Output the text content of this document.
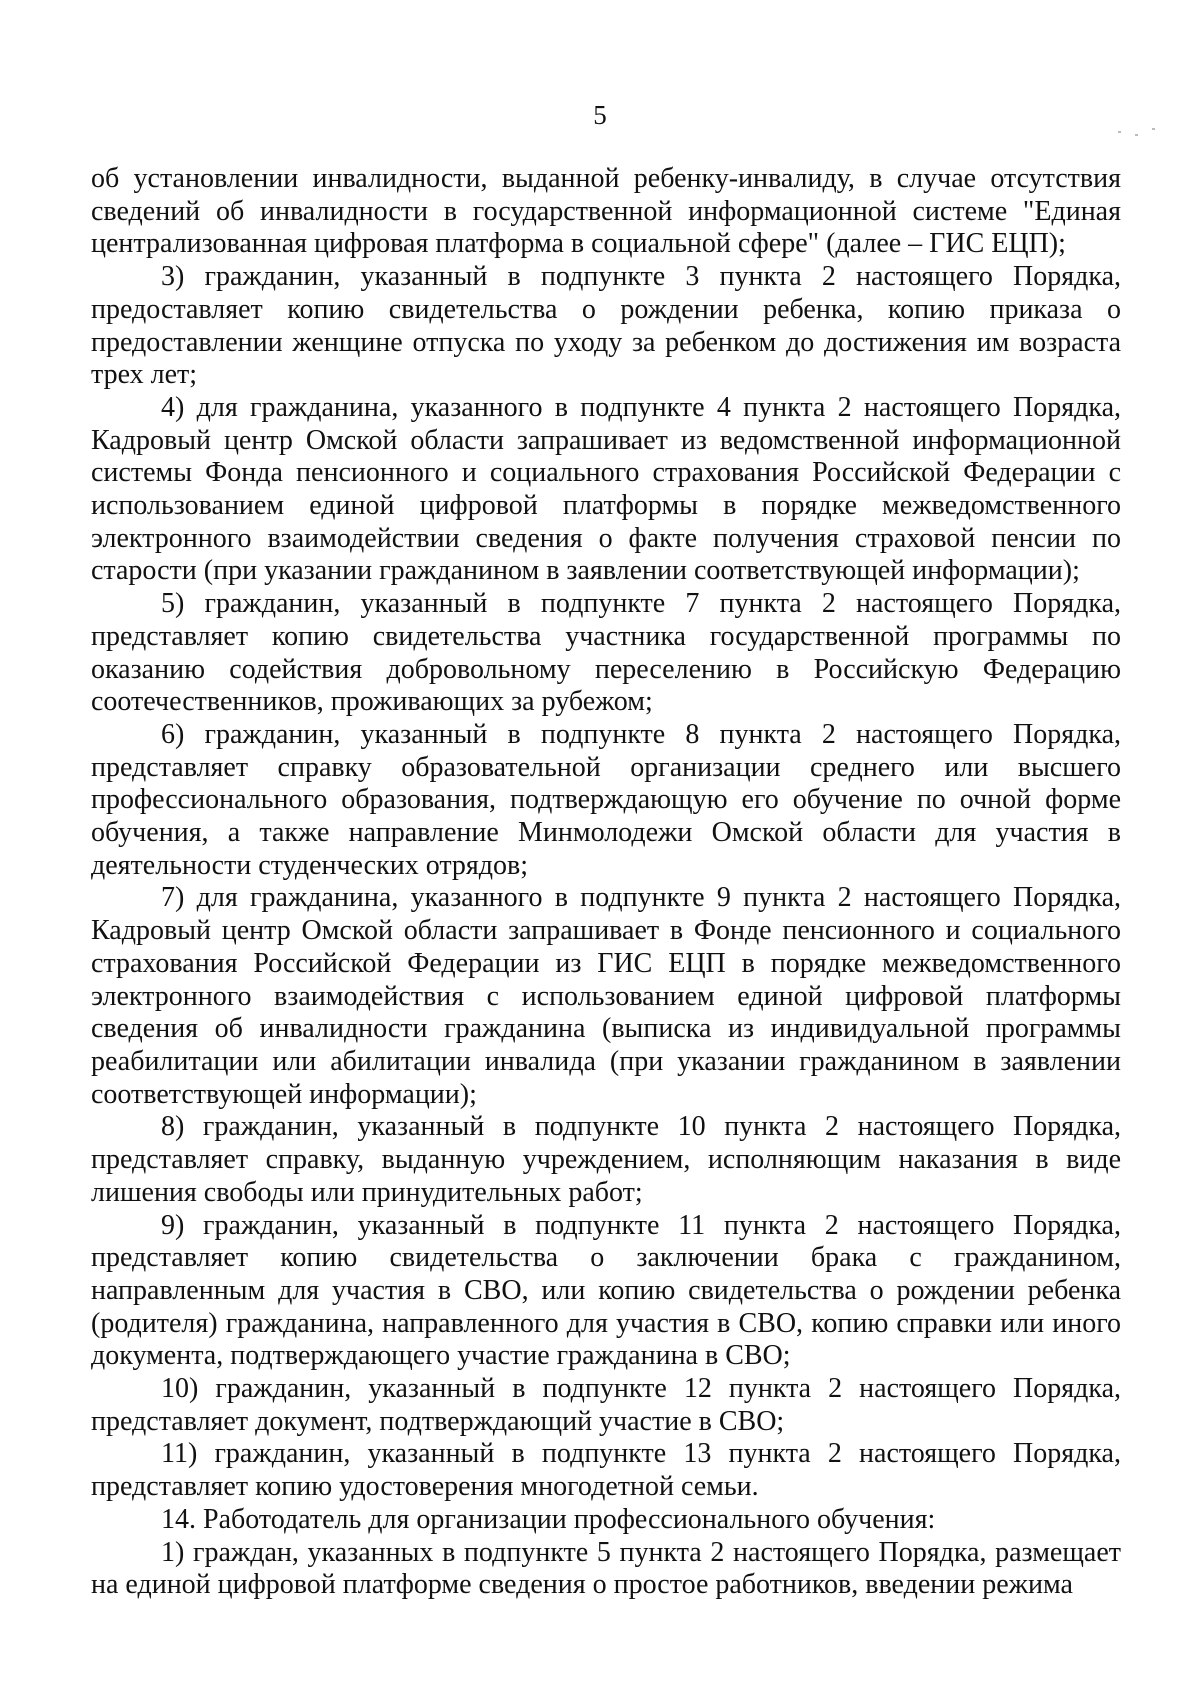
5

об установлении инвалидности, выданной ребенку-инвалиду, в случае отсутствия сведений об инвалидности в государственной информационной системе "Единая централизованная цифровая платформа в социальной сфере" (далее – ГИС ЕЦП);

3) гражданин, указанный в подпункте 3 пункта 2 настоящего Порядка, предоставляет копию свидетельства о рождении ребенка, копию приказа о предоставлении женщине отпуска по уходу за ребенком до достижения им возраста трех лет;

4) для гражданина, указанного в подпункте 4 пункта 2 настоящего Порядка, Кадровый центр Омской области запрашивает из ведомственной информационной системы Фонда пенсионного и социального страхования Российской Федерации с использованием единой цифровой платформы в порядке межведомственного электронного взаимодействии сведения о факте получения страховой пенсии по старости (при указании гражданином в заявлении соответствующей информации);

5) гражданин, указанный в подпункте 7 пункта 2 настоящего Порядка, представляет копию свидетельства участника государственной программы по оказанию содействия добровольному переселению в Российскую Федерацию соотечественников, проживающих за рубежом;

6) гражданин, указанный в подпункте 8 пункта 2 настоящего Порядка, представляет справку образовательной организации среднего или высшего профессионального образования, подтверждающую его обучение по очной форме обучения, а также направление Минмолодежи Омской области для участия в деятельности студенческих отрядов;

7) для гражданина, указанного в подпункте 9 пункта 2 настоящего Порядка, Кадровый центр Омской области запрашивает в Фонде пенсионного и социального страхования Российской Федерации из ГИС ЕЦП в порядке межведомственного электронного взаимодействия с использованием единой цифровой платформы сведения об инвалидности гражданина (выписка из индивидуальной программы реабилитации или абилитации инвалида (при указании гражданином в заявлении соответствующей информации);

8) гражданин, указанный в подпункте 10 пункта 2 настоящего Порядка, представляет справку, выданную учреждением, исполняющим наказания в виде лишения свободы или принудительных работ;

9) гражданин, указанный в подпункте 11 пункта 2 настоящего Порядка, представляет копию свидетельства о заключении брака с гражданином, направленным для участия в СВО, или копию свидетельства о рождении ребенка (родителя) гражданина, направленного для участия в СВО, копию справки или иного документа, подтверждающего участие гражданина в СВО;

10) гражданин, указанный в подпункте 12 пункта 2 настоящего Порядка, представляет документ, подтверждающий участие в СВО;

11) гражданин, указанный в подпункте 13 пункта 2 настоящего Порядка, представляет копию удостоверения многодетной семьи.

14. Работодатель для организации профессионального обучения:

1) граждан, указанных в подпункте 5 пункта 2 настоящего Порядка, размещает на единой цифровой платформе сведения о простое работников, введении режима
